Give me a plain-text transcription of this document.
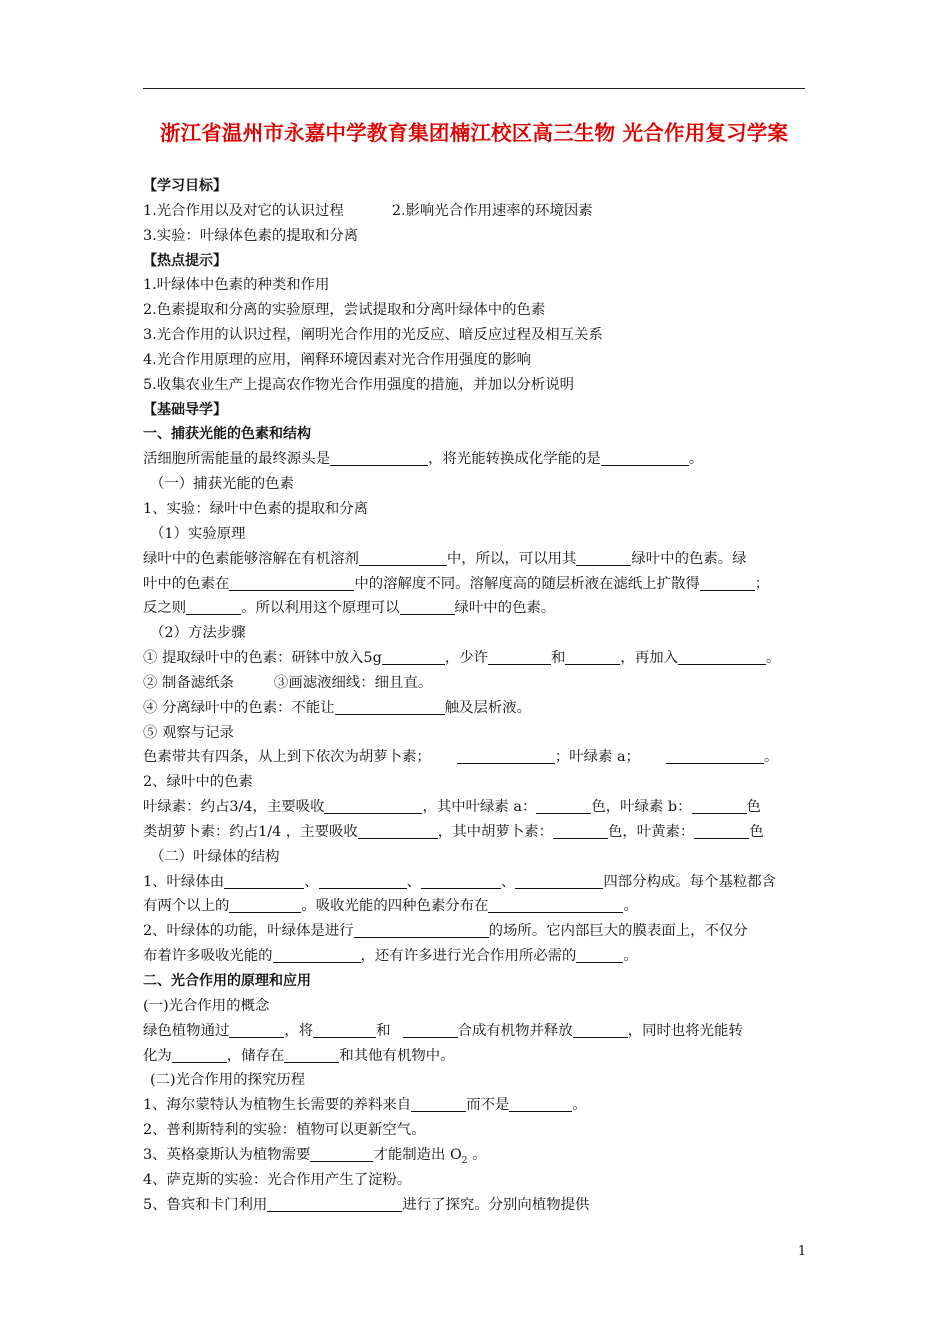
浙江省温州市永嘉中学教育集团楠江校区高三生物 光合作用复习学案
【学习目标】
1.光合作用以及对它的认识过程	2.影响光合作用速率的环境因素
3.实验：叶绿体色素的提取和分离
【热点提示】
1.叶绿体中色素的种类和作用
2.色素提取和分离的实验原理，尝试提取和分离叶绿体中的色素
3.光合作用的认识过程，阐明光合作用的光反应、暗反应过程及相互关系
4.光合作用原理的应用，阐释环境因素对光合作用强度的影响
5.收集农业生产上提高农作物光合作用强度的措施，并加以分析说明
【基础导学】
一、捕获光能的色素和结构
活细胞所需能量的最终源头是	，将光能转换成化学能的是	。
（一）捕获光能的色素
1、实验：绿叶中色素的提取和分离
（1）实验原理
绿叶中的色素能够溶解在有机溶剂	中，所以，可以用其	绿叶中的色素。绿
叶中的色素在	中的溶解度不同。溶解度高的随层析液在滤纸上扩散得	；
反之则	。所以利用这个原理可以	绿叶中的色素。
（2）方法步骤
① 提取绿叶中的色素：研钵中放入5g	，少许	和	，再加入	。
② 制备滤纸条	③画滤液细线：细且直。
④ 分离绿叶中的色素：不能让	触及层析液。
⑤ 观察与记录
色素带共有四条，从上到下依次为胡萝卜素；	；叶绿素 a；	。
2、绿叶中的色素
叶绿素：约占3/4，主要吸收	，其中叶绿素 a：	色，叶绿素 b：	色
类胡萝卜素：约占1/4 ，主要吸收	，其中胡萝卜素：	色，叶黄素：	色
（二）叶绿体的结构
1、叶绿体由	、	、	、	四部分构成。每个基粒都含
有两个以上的	。吸收光能的四种色素分布在	。
2、叶绿体的功能，叶绿体是进行	的场所。它内部巨大的膜表面上，不仅分
布着许多吸收光能的	，还有许多进行光合作用所必需的	。
二、光合作用的原理和应用
(一)光合作用的概念
绿色植物通过	，将	和	合成有机物并释放	，同时也将光能转
化为	，储存在	和其他有机物中。
(二)光合作用的探究历程
1、海尔蒙特认为植物生长需要的养料来自	而不是	。
2、普利斯特利的实验：植物可以更新空气。
3、英格豪斯认为植物需要	才能制造出 $O_2$ 。
4、萨克斯的实验：光合作用产生了淀粉。
5、鲁宾和卡门利用	进行了探究。分别向植物提供
1
